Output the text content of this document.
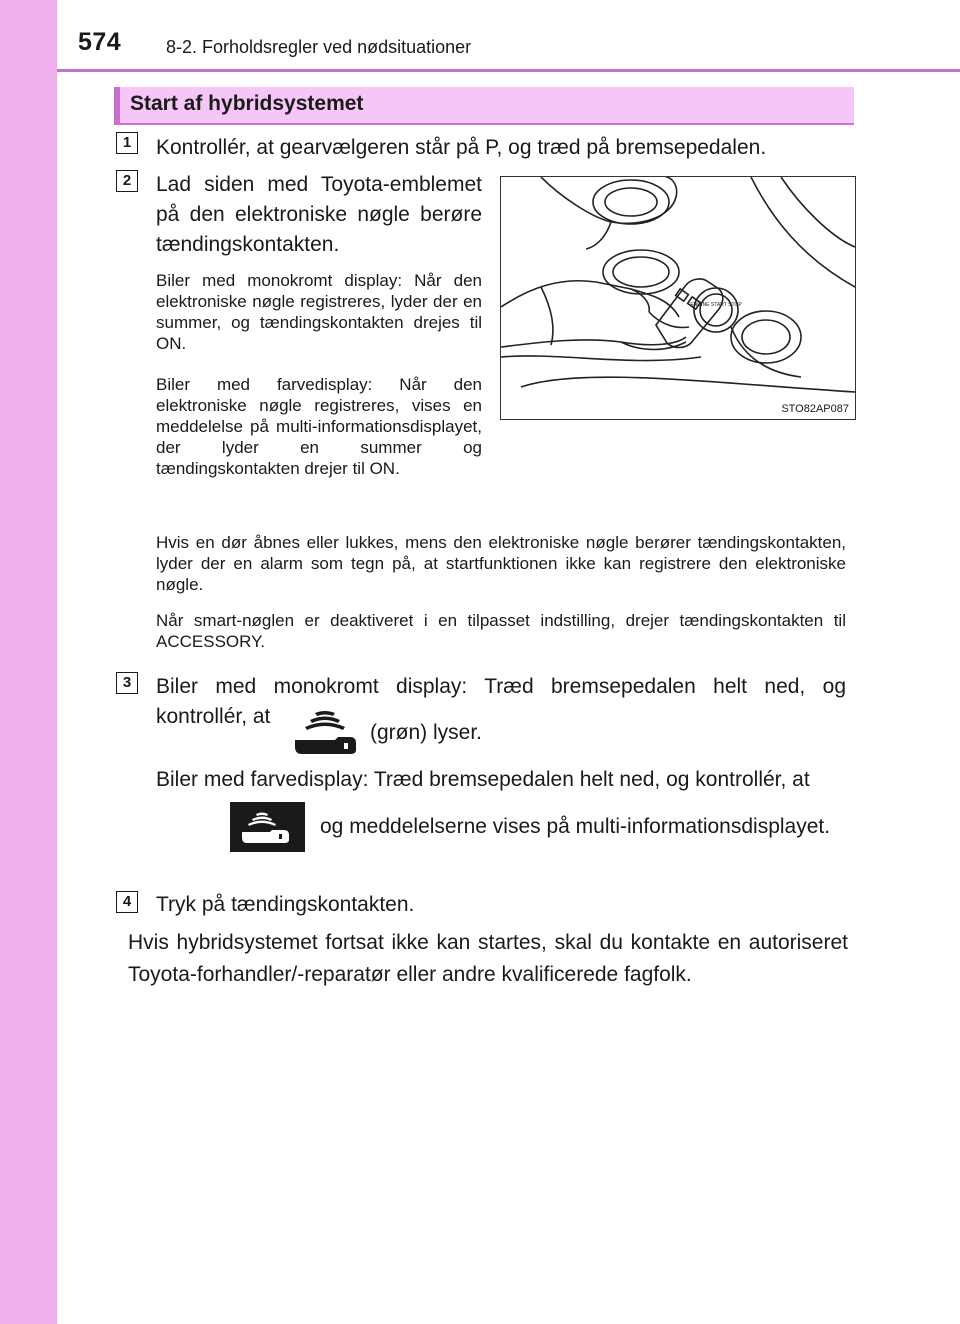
574 8-2. Forholdsregler ved nødsituationer
Start af hybridsystemet
1	Kontrollér, at gearvælgeren står på P, og træd på bremsepedalen.
2	Lad siden med Toyota-emblemet på den elektroniske nøgle berøre tændingskontakten.
Biler med monokromt display: Når den elektroniske nøgle registreres, lyder der en summer, og tændingskontakten drejes til ON.
Biler med farvedisplay: Når den elektroniske nøgle registreres, vises en meddelelse på multi-informationsdisplayet, der lyder en summer og tændingskontakten drejer til ON.
ENGINE START STOP
STO82AP087
Hvis en dør åbnes eller lukkes, mens den elektroniske nøgle berører tændingskontakten, lyder der en alarm som tegn på, at startfunktionen ikke kan registrere den elektroniske nøgle.
Når smart-nøglen er deaktiveret i en tilpasset indstilling, drejer tændingskontakten til ACCESSORY.
3	Biler med monokromt display: Træd bremsepedalen helt ned, og kontrollér, at
(grøn) lyser.
Biler med farvedisplay: Træd bremsepedalen helt ned, og kontrollér, at
og meddelelserne vises på multi-informationsdisplayet.
4	Tryk på tændingskontakten.
Hvis hybridsystemet fortsat ikke kan startes, skal du kontakte en autoriseret Toyota-forhandler/-reparatør eller andre kvalificerede fagfolk.
